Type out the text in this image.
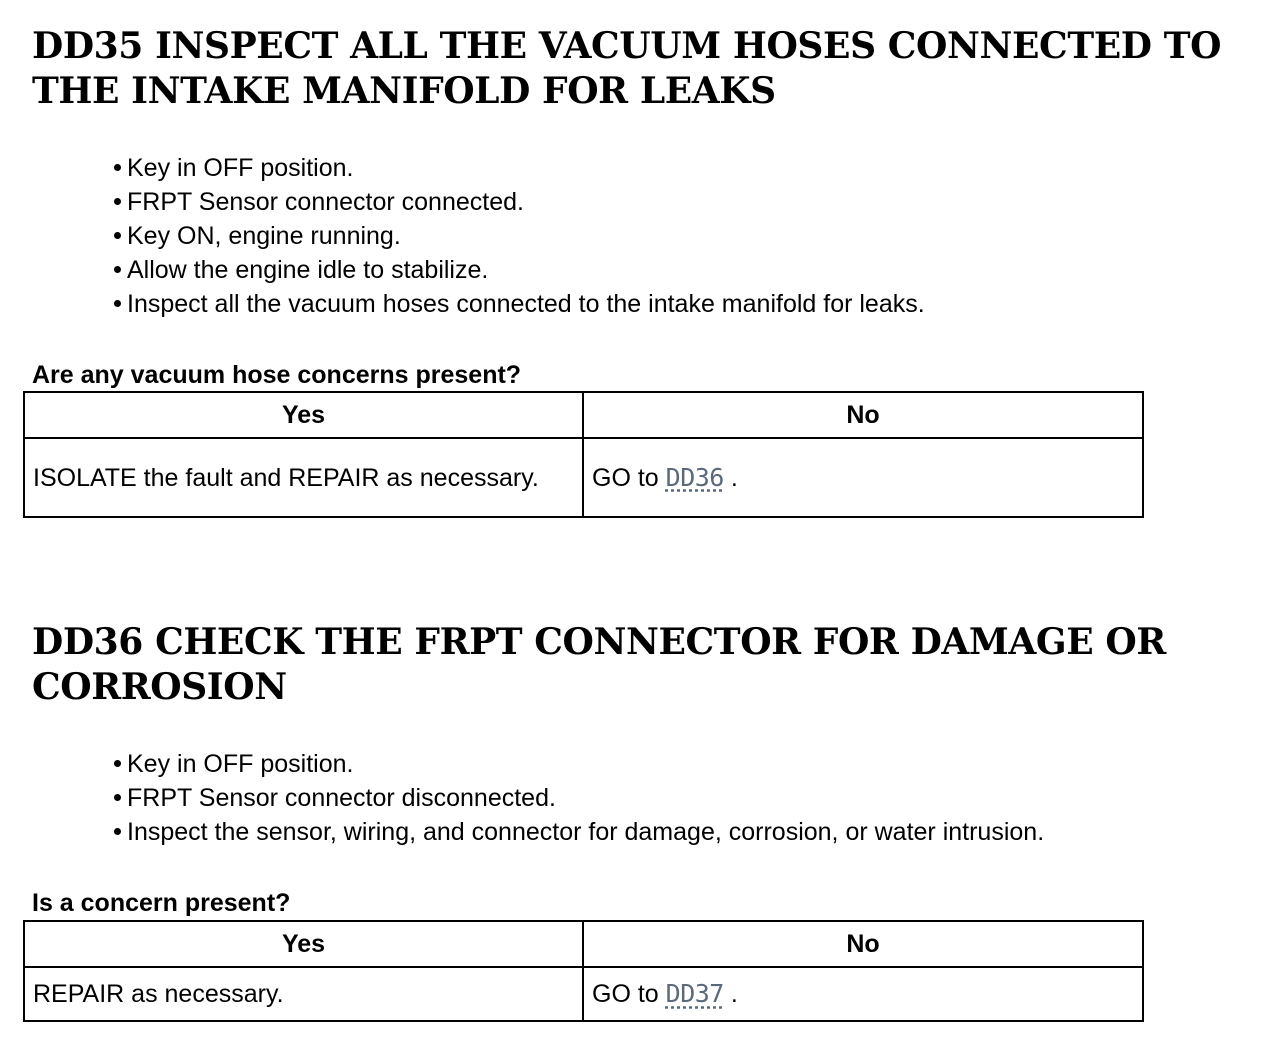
DD35 INSPECT ALL THE VACUUM HOSES CONNECTED TO THE INTAKE MANIFOLD FOR LEAKS
Key in OFF position.
FRPT Sensor connector connected.
Key ON, engine running.
Allow the engine idle to stabilize.
Inspect all the vacuum hoses connected to the intake manifold for leaks.

Are any vacuum hose concerns present?

Yes	No
ISOLATE the fault and REPAIR as necessary.	GO to DD36 .
DD36 CHECK THE FRPT CONNECTOR FOR DAMAGE OR CORROSION
Key in OFF position.
FRPT Sensor connector disconnected.
Inspect the sensor, wiring, and connector for damage, corrosion, or water intrusion.

Is a concern present?

Yes	No
REPAIR as necessary.	GO to DD37 .
